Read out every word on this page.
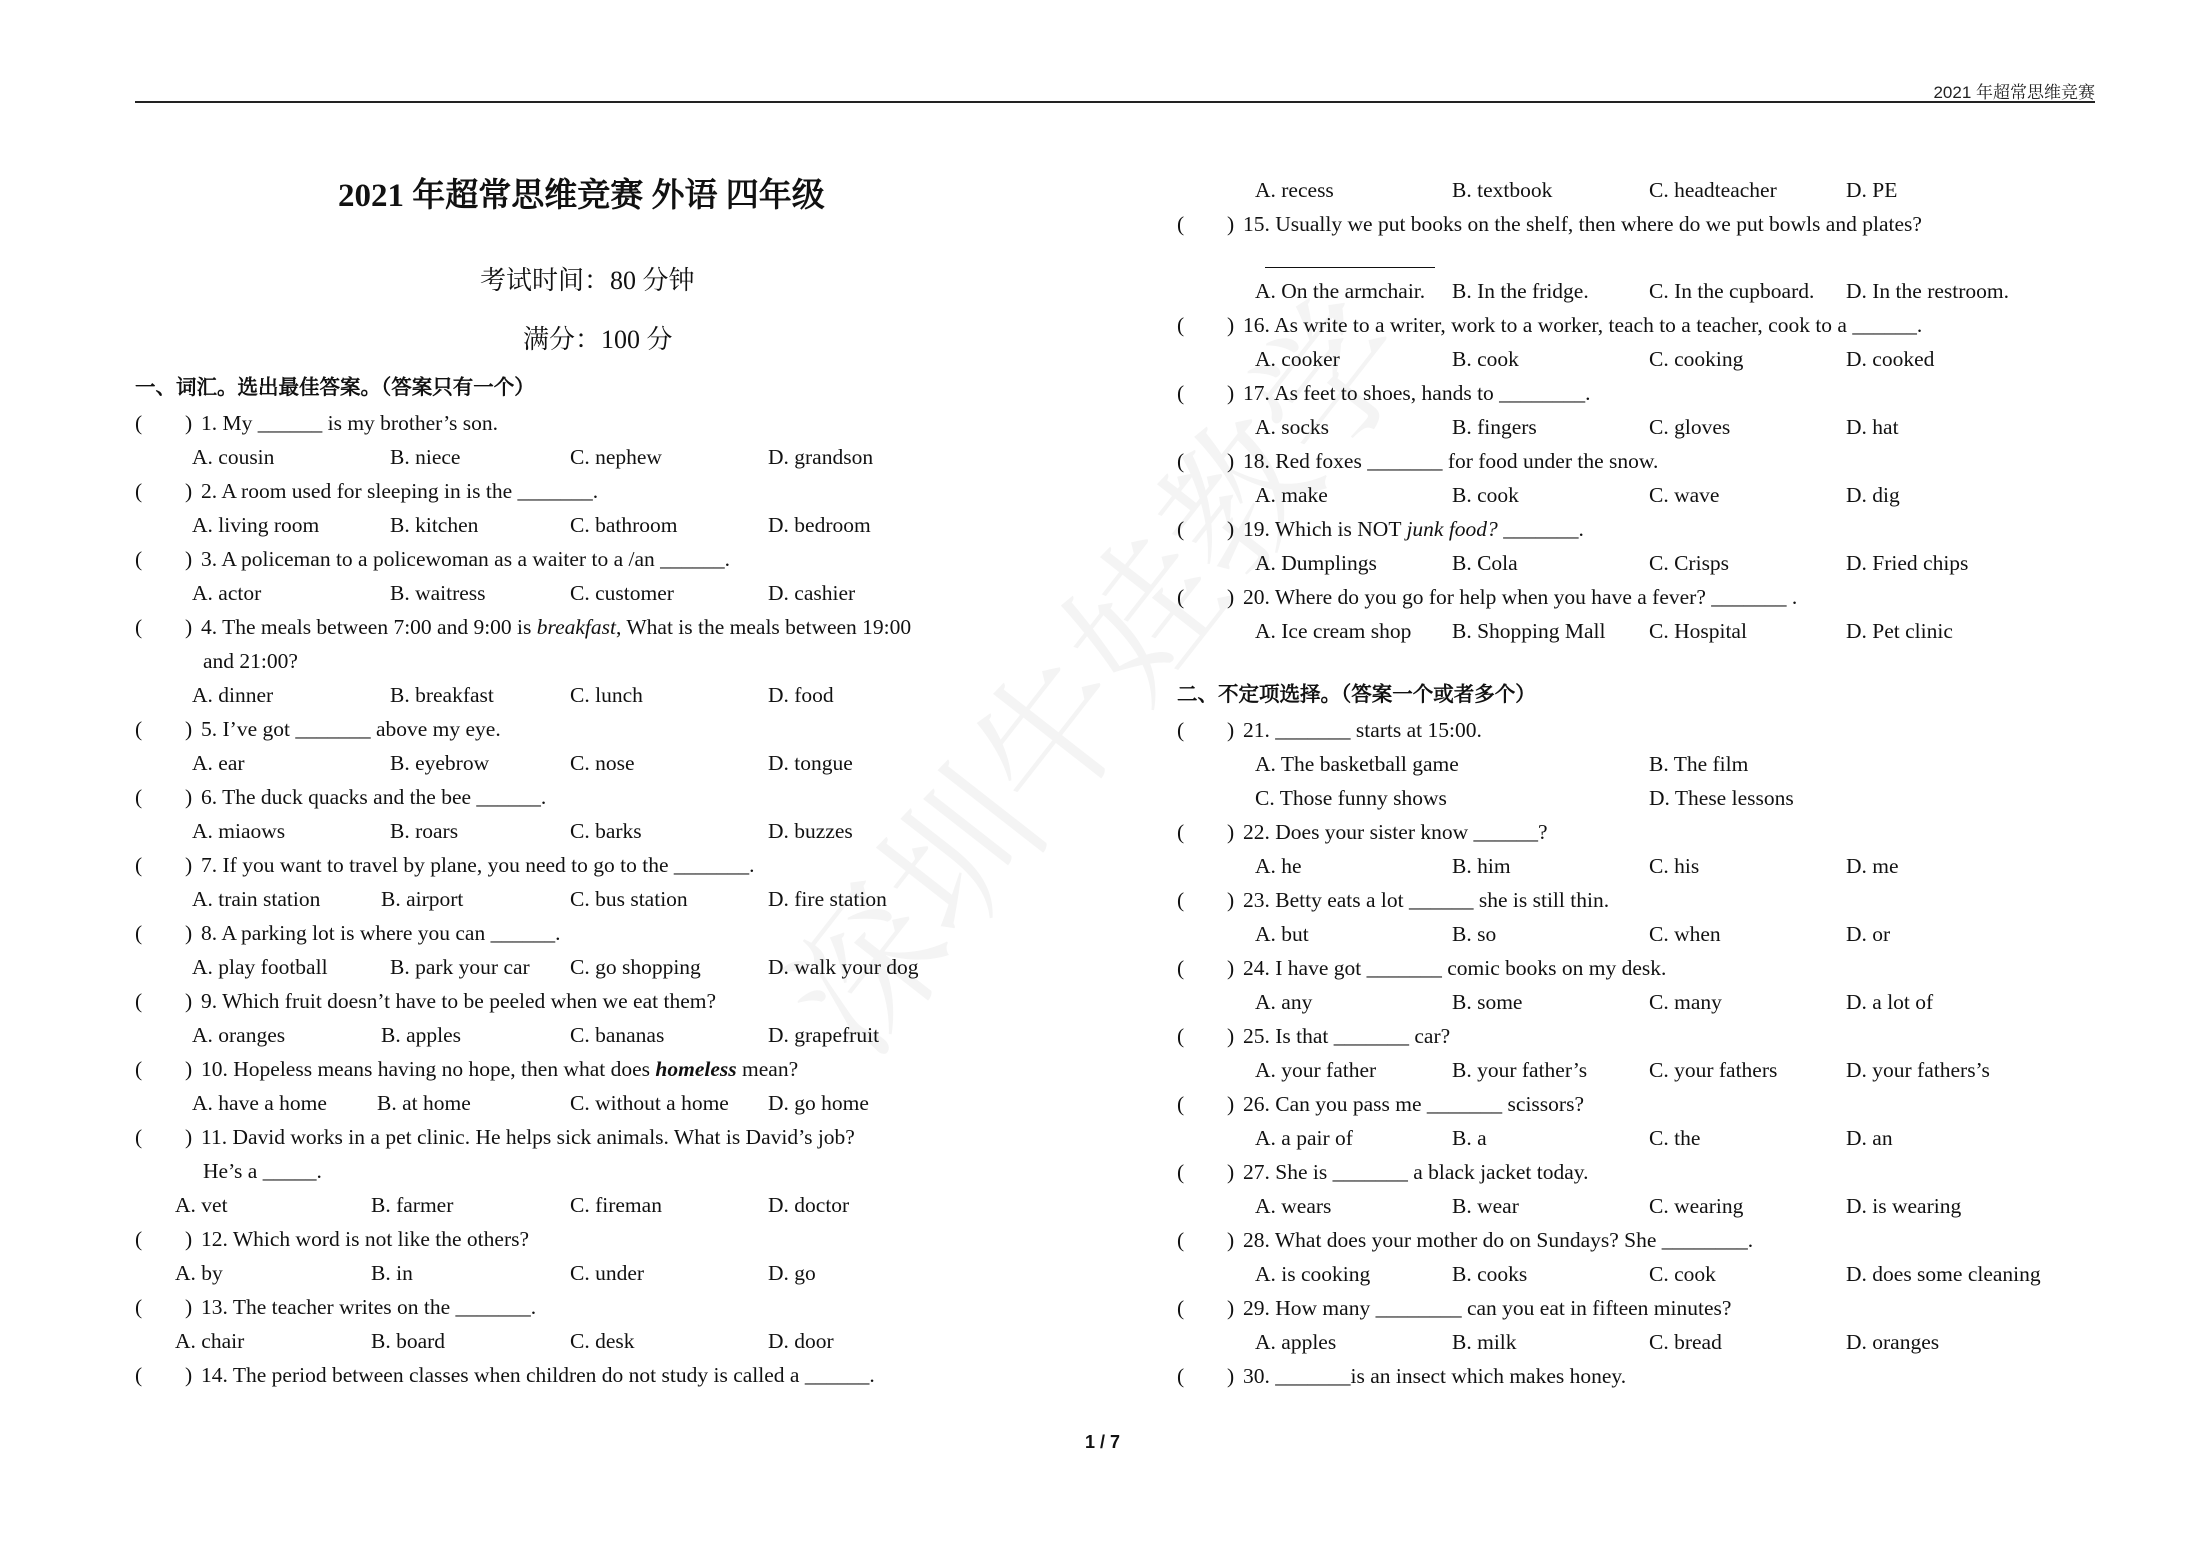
2021 年超常思维竞赛
2021 年超常思维竞赛 外语 四年级
考试时间：80 分钟
满分：100 分
一、词汇。选出最佳答案。（答案只有一个）
( ) 1. My ______ is my brother’s son.
A. cousin	B. niece	C. nephew	D. grandson
( ) 2. A room used for sleeping in is the _______.
A. living room	B. kitchen	C. bathroom	D. bedroom
( ) 3. A policeman to a policewoman as a waiter to a /an ______.
A. actor	B. waitress	C. customer	D. cashier
( ) 4. The meals between 7:00 and 9:00 is breakfast, What is the meals between 19:00
and 21:00?
A. dinner	B. breakfast	C. lunch	D. food
( ) 5. I’ve got _______ above my eye.
A. ear	B. eyebrow	C. nose	D. tongue
( ) 6. The duck quacks and the bee ______.
A. miaows	B. roars	C. barks	D. buzzes
( ) 7. If you want to travel by plane, you need to go to the _______.
A. train station	B. airport	C. bus station	D. fire station
( ) 8. A parking lot is where you can ______.
A. play football	B. park your car C. go shopping	D. walk your dog
( ) 9. Which fruit doesn’t have to be peeled when we eat them?
A. oranges	B. apples	C. bananas	D. grapefruit
( ) 10. Hopeless means having no hope, then what does homeless mean?
A. have a home B. at home	C. without a home D. go home
( ) 11. David works in a pet clinic. He helps sick animals. What is David’s job?
He’s a _____.
A. vet	B. farmer	C. fireman	D. doctor
( ) 12. Which word is not like the others?
A. by	B. in	C. under	D. go
( ) 13. The teacher writes on the _______.
A. chair	B. board	C. desk	D. door
( ) 14. The period between classes when children do not study is called a ______.
A. recess	B. textbook	C. headteacher	D. PE
( ) 15. Usually we put books on the shelf, then where do we put bowls and plates?
A. On the armchair. B. In the fridge.	C. In the cupboard. D. In the restroom.
( ) 16. As write to a writer, work to a worker, teach to a teacher, cook to a ______.
A. cooker	B. cook	C. cooking	D. cooked
( ) 17. As feet to shoes, hands to ________.
A. socks	B. fingers	C. gloves	D. hat
( ) 18. Red foxes _______ for food under the snow.
A. make	B. cook	C. wave	D. dig
( ) 19. Which is NOT junk food? _______.
A. Dumplings	B. Cola	C. Crisps	D. Fried chips
( ) 20. Where do you go for help when you have a fever? _______ .
A. Ice cream shop B. Shopping Mall C. Hospital	D. Pet clinic
二、不定项选择。（答案一个或者多个）
( ) 21. _______ starts at 15:00.
A. The basketball game	B. The film
C. Those funny shows	D. These lessons
( ) 22. Does your sister know ______?
A. he	B. him	C. his	D. me
( ) 23. Betty eats a lot ______ she is still thin.
A. but	B. so	C. when	D. or
( ) 24. I have got _______ comic books on my desk.
A. any	B. some	C. many	D. a lot of
( ) 25. Is that _______ car?
A. your father	B. your father’s	C. your fathers	D. your fathers’s
( ) 26. Can you pass me _______ scissors?
A. a pair of	B. a	C. the	D. an
( ) 27. She is _______ a black jacket today.
A. wears	B. wear	C. wearing	D. is wearing
( ) 28. What does your mother do on Sundays? She ________.
A. is cooking	B. cooks	C. cook	D. does some cleaning
( ) 29. How many ________ can you eat in fifteen minutes?
A. apples	B. milk	C. bread	D. oranges
( ) 30. _______is an insect which makes honey.
1 / 7
